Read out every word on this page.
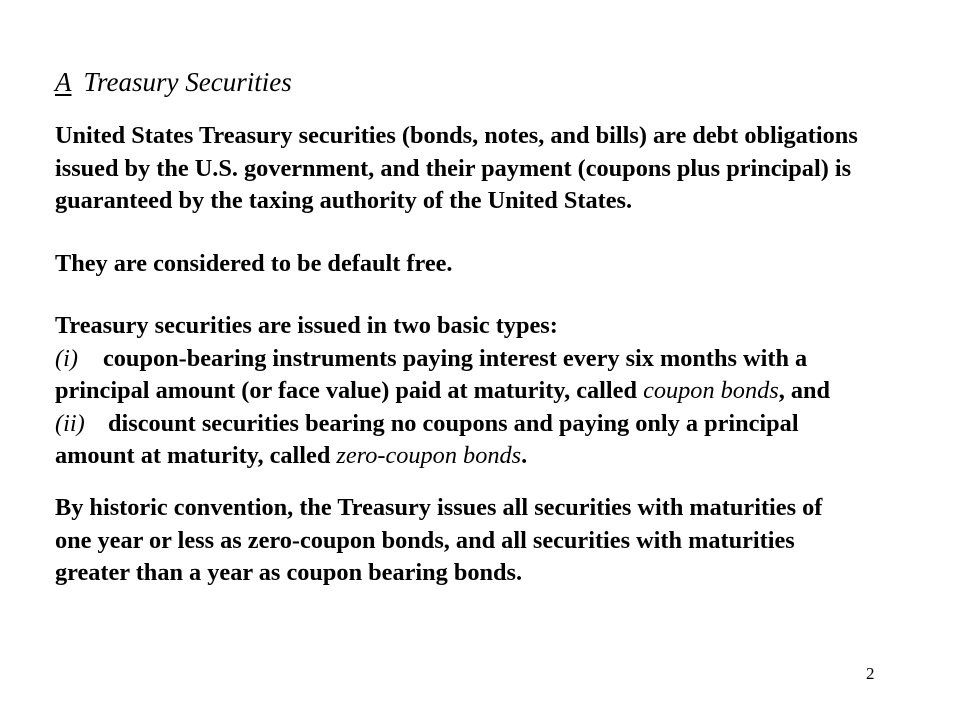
A Treasury Securities
United States Treasury securities (bonds, notes, and bills) are debt obligations
issued by the U.S. government, and their payment (coupons plus principal) is
guaranteed by the taxing authority of the United States.
They are considered to be default free.
Treasury securities are issued in two basic types:
(i) coupon-bearing instruments paying interest every six months with a
principal amount (or face value) paid at maturity, called coupon bonds, and
(ii) discount securities bearing no coupons and paying only a principal
amount at maturity, called zero-coupon bonds.
By historic convention, the Treasury issues all securities with maturities of
one year or less as zero-coupon bonds, and all securities with maturities
greater than a year as coupon bearing bonds.
2
